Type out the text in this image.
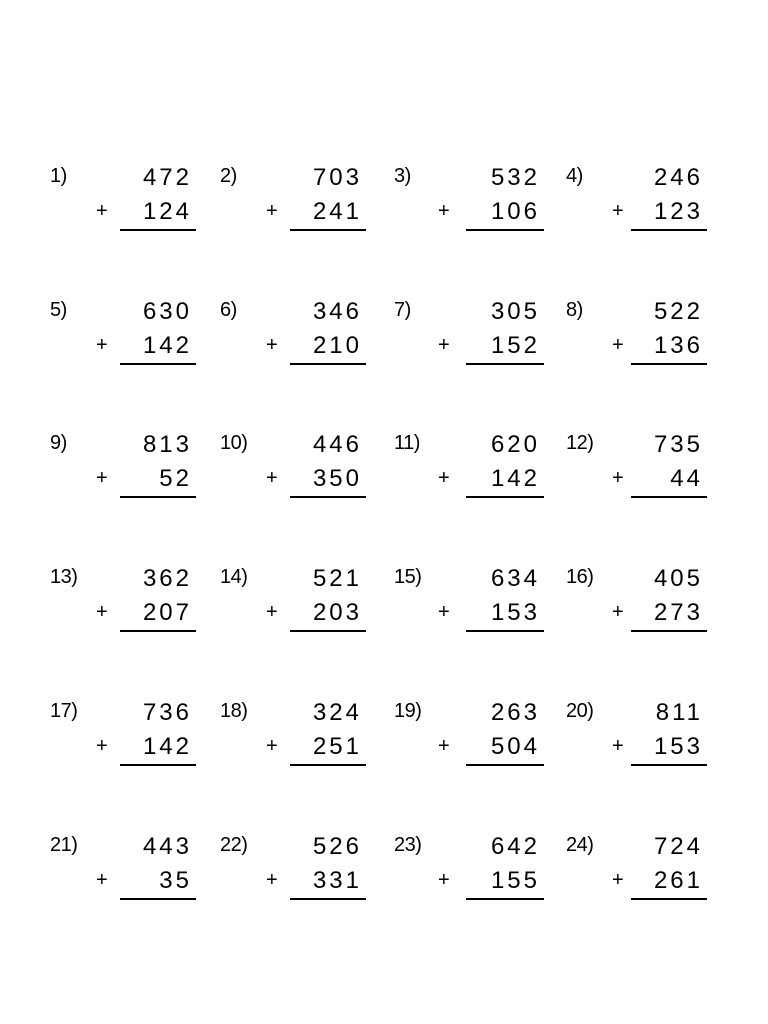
1)	472
+	124
2)	703
+	241
3)	532
+	106
4)	246
+	123
5)	630
+	142
6)	346
+	210
7)	305
+	152
8)	522
+	136
9)	813
+	52
10)	446
+	350
11)	620
+	142
12)	735
+	44
13)	362
+	207
14)	521
+	203
15)	634
+	153
16)	405
+	273
17)	736
+	142
18)	324
+	251
19)	263
+	504
20)	811
+	153
21)	443
+	35
22)	526
+	331
23)	642
+	155
24)	724
+	261
